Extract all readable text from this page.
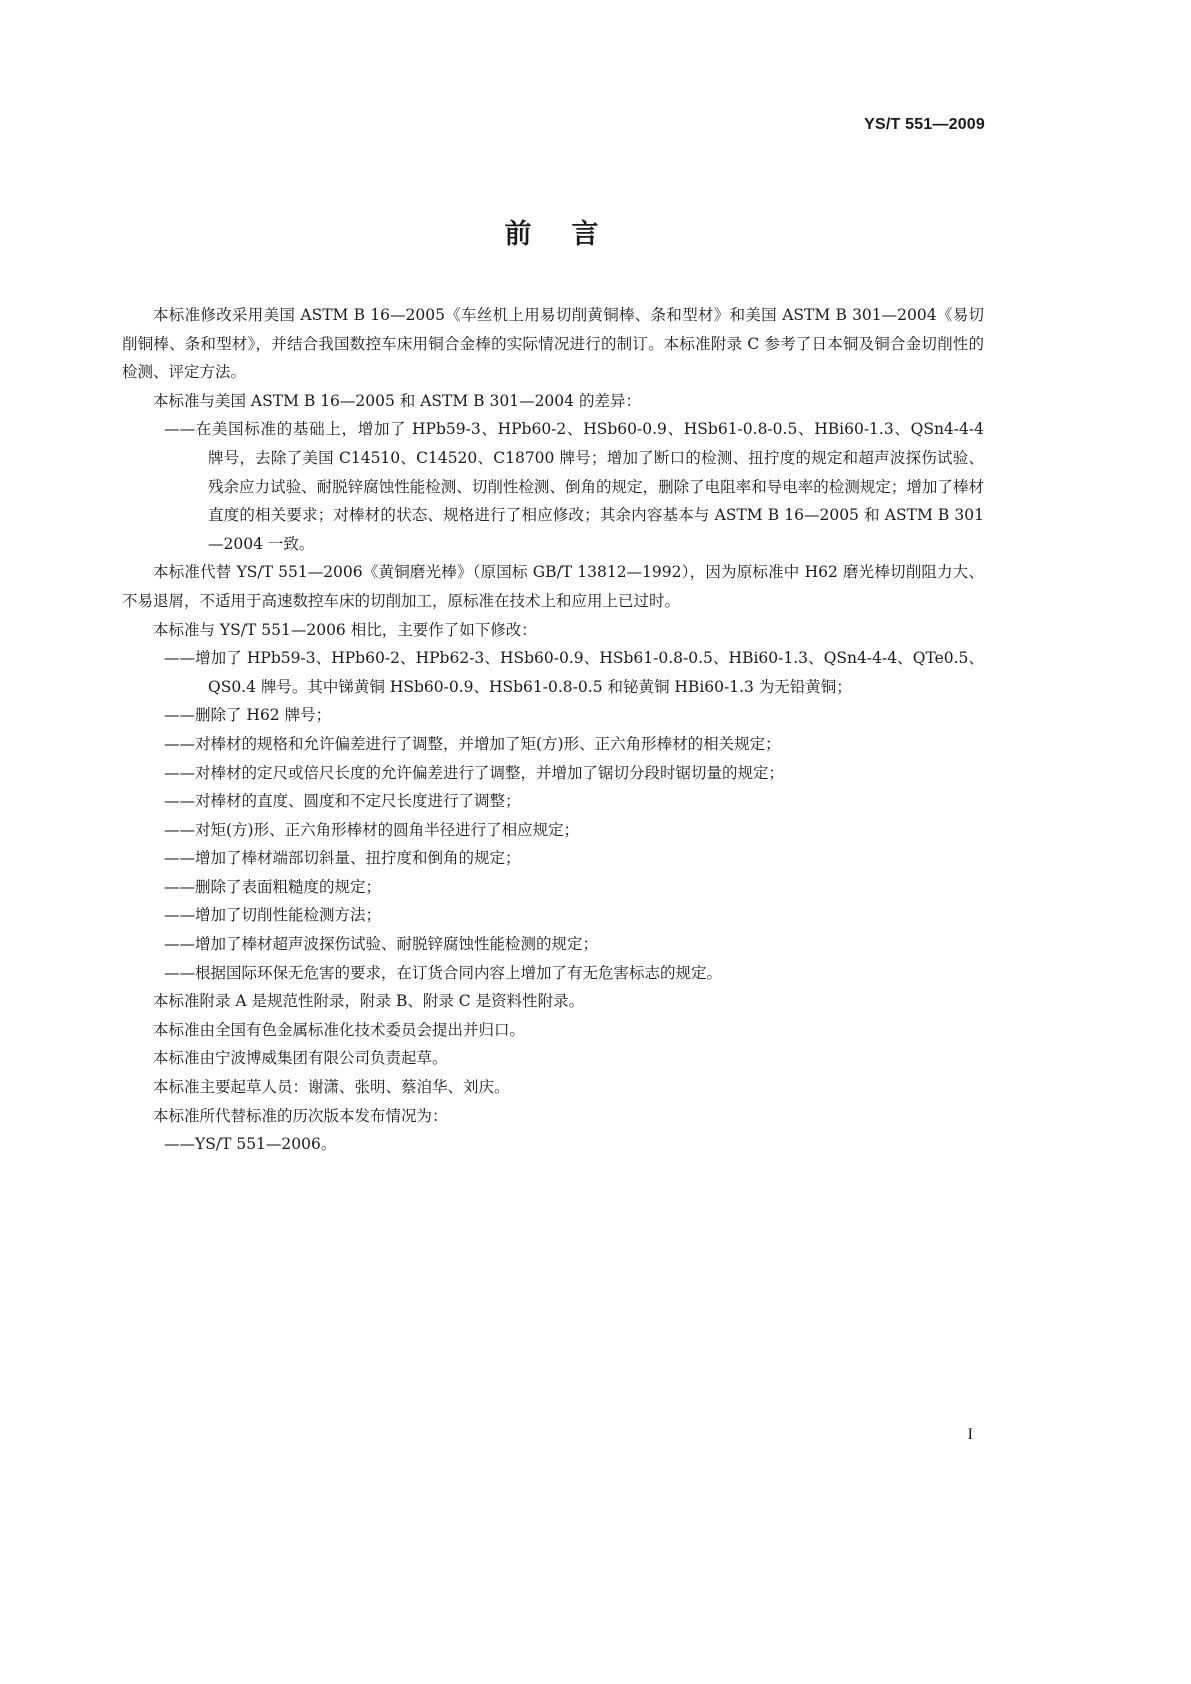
YS/T 551—2009
前言

本标准修改采用美国 ASTM B 16—2005《车丝机上用易切削黄铜棒、条和型材》和美国 ASTM B 301—2004《易切削铜棒、条和型材》，并结合我国数控车床用铜合金棒的实际情况进行的制订。本标准附录 C 参考了日本铜及铜合金切削性的检测、评定方法。

本标准与美国 ASTM B 16—2005 和 ASTM B 301—2004 的差异：

——在美国标准的基础上，增加了 HPb59-3、HPb60-2、HSb60-0.9、HSb61-0.8-0.5、HBi60-1.3、QSn4-4-4 牌号，去除了美国 C14510、C14520、C18700 牌号；增加了断口的检测、扭拧度的规定和超声波探伤试验、残余应力试验、耐脱锌腐蚀性能检测、切削性检测、倒角的规定，删除了电阻率和导电率的检测规定；增加了棒材直度的相关要求；对棒材的状态、规格进行了相应修改；其余内容基本与 ASTM B 16—2005 和 ASTM B 301—2004 一致。

本标准代替 YS/T 551—2006《黄铜磨光棒》（原国标 GB/T 13812—1992），因为原标准中 H62 磨光棒切削阻力大、不易退屑，不适用于高速数控车床的切削加工，原标准在技术上和应用上已过时。

本标准与 YS/T 551—2006 相比，主要作了如下修改：

——增加了 HPb59-3、HPb60-2、HPb62-3、HSb60-0.9、HSb61-0.8-0.5、HBi60-1.3、QSn4-4-4、QTe0.5、QS0.4 牌号。其中锑黄铜 HSb60-0.9、HSb61-0.8-0.5 和铋黄铜 HBi60-1.3 为无铅黄铜；

——删除了 H62 牌号；

——对棒材的规格和允许偏差进行了调整，并增加了矩(方)形、正六角形棒材的相关规定；

——对棒材的定尺或倍尺长度的允许偏差进行了调整，并增加了锯切分段时锯切量的规定；

——对棒材的直度、圆度和不定尺长度进行了调整；

——对矩(方)形、正六角形棒材的圆角半径进行了相应规定；

——增加了棒材端部切斜量、扭拧度和倒角的规定；

——删除了表面粗糙度的规定；

——增加了切削性能检测方法；

——增加了棒材超声波探伤试验、耐脱锌腐蚀性能检测的规定；

——根据国际环保无危害的要求，在订货合同内容上增加了有无危害标志的规定。

本标准附录 A 是规范性附录，附录 B、附录 C 是资料性附录。

本标准由全国有色金属标准化技术委员会提出并归口。

本标准由宁波博威集团有限公司负责起草。

本标准主要起草人员：谢潇、张明、蔡洎华、刘庆。

本标准所代替标准的历次版本发布情况为：

——YS/T 551—2006。

I
